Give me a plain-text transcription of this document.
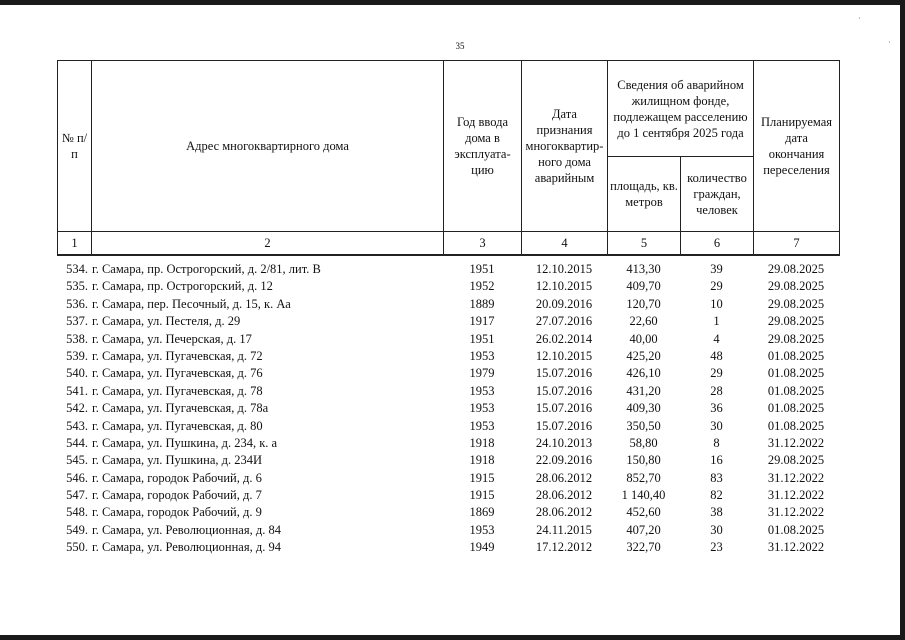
·
·
35
№ п/п	Адрес многоквартирного дома	Год ввода дома в эксплуата-цию	Дата признания многоквартир-ного дома аварийным	Сведения об аварийном жилищном фонде, подлежащем расселению до 1 сентября 2025 года		Планируемая дата окончания переселения
				площадь, кв. метров	количество граждан, человек	
1	2	3	4	5	6	7
534.	г. Самара, пр. Острогорский, д. 2/81, лит. В	1951	12.10.2015	413,30	39	29.08.2025
535.	г. Самара, пр. Острогорский, д. 12	1952	12.10.2015	409,70	29	29.08.2025
536.	г. Самара, пер. Песочный, д. 15, к. Аа	1889	20.09.2016	120,70	10	29.08.2025
537.	г. Самара, ул. Пестеля, д. 29	1917	27.07.2016	22,60	1	29.08.2025
538.	г. Самара, ул. Печерская, д. 17	1951	26.02.2014	40,00	4	29.08.2025
539.	г. Самара, ул. Пугачевская, д. 72	1953	12.10.2015	425,20	48	01.08.2025
540.	г. Самара, ул. Пугачевская, д. 76	1979	15.07.2016	426,10	29	01.08.2025
541.	г. Самара, ул. Пугачевская, д. 78	1953	15.07.2016	431,20	28	01.08.2025
542.	г. Самара, ул. Пугачевская, д. 78а	1953	15.07.2016	409,30	36	01.08.2025
543.	г. Самара, ул. Пугачевская, д. 80	1953	15.07.2016	350,50	30	01.08.2025
544.	г. Самара, ул. Пушкина, д. 234, к. а	1918	24.10.2013	58,80	8	31.12.2022
545.	г. Самара, ул. Пушкина, д. 234И	1918	22.09.2016	150,80	16	29.08.2025
546.	г. Самара, городок Рабочий, д. 6	1915	28.06.2012	852,70	83	31.12.2022
547.	г. Самара, городок Рабочий, д. 7	1915	28.06.2012	1 140,40	82	31.12.2022
548.	г. Самара, городок Рабочий, д. 9	1869	28.06.2012	452,60	38	31.12.2022
549.	г. Самара, ул. Революционная, д. 84	1953	24.11.2015	407,20	30	01.08.2025
550.	г. Самара, ул. Революционная, д. 94	1949	17.12.2012	322,70	23	31.12.2022
